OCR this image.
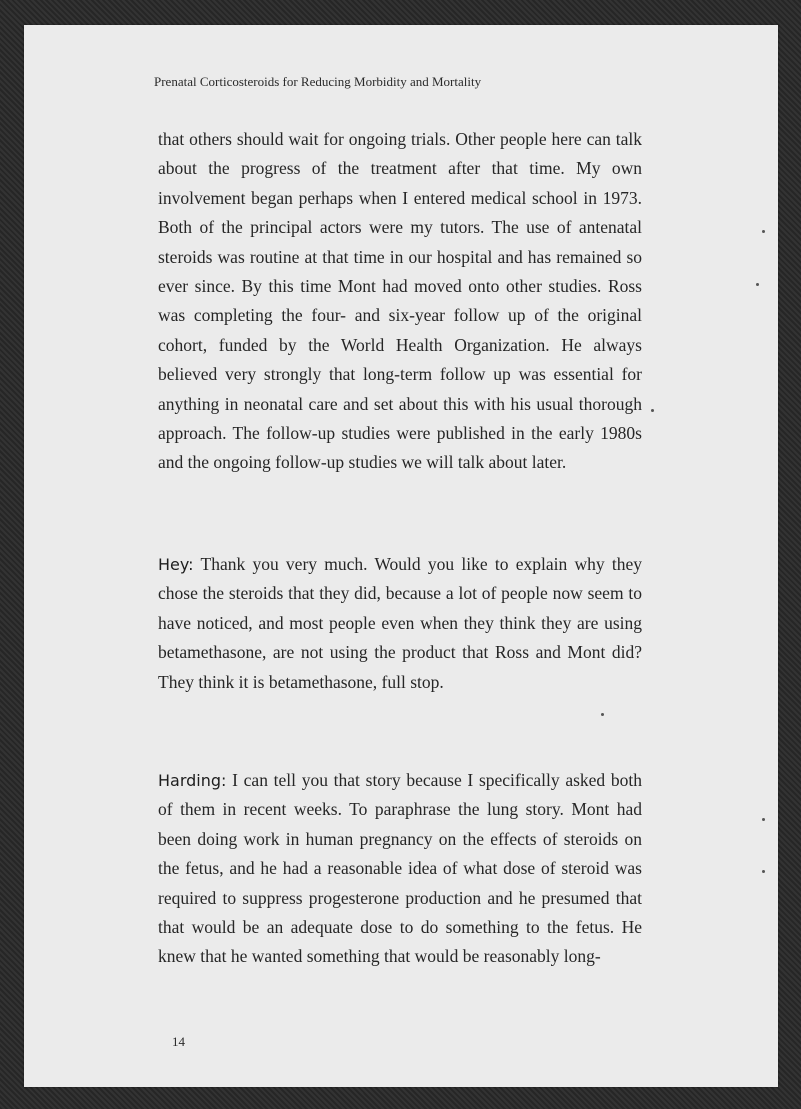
Prenatal Corticosteroids for Reducing Morbidity and Mortality

that others should wait for ongoing trials. Other people here can talk about the progress of the treatment after that time. My own involvement began perhaps when I entered medical school in 1973. Both of the principal actors were my tutors. The use of antenatal steroids was routine at that time in our hospital and has remained so ever since. By this time Mont had moved onto other studies. Ross was completing the four- and six-year follow up of the original cohort, funded by the World Health Organization. He always believed very strongly that long-term follow up was essential for anything in neonatal care and set about this with his usual thorough approach. The follow-up studies were published in the early 1980s and the ongoing follow-up studies we will talk about later.

Hey: Thank you very much. Would you like to explain why they chose the steroids that they did, because a lot of people now seem to have noticed, and most people even when they think they are using betamethasone, are not using the product that Ross and Mont did? They think it is betamethasone, full stop.

Harding: I can tell you that story because I specifically asked both of them in recent weeks. To paraphrase the lung story. Mont had been doing work in human pregnancy on the effects of steroids on the fetus, and he had a reasonable idea of what dose of steroid was required to suppress progesterone production and he presumed that that would be an adequate dose to do something to the fetus. He knew that he wanted something that would be reasonably long-

14
